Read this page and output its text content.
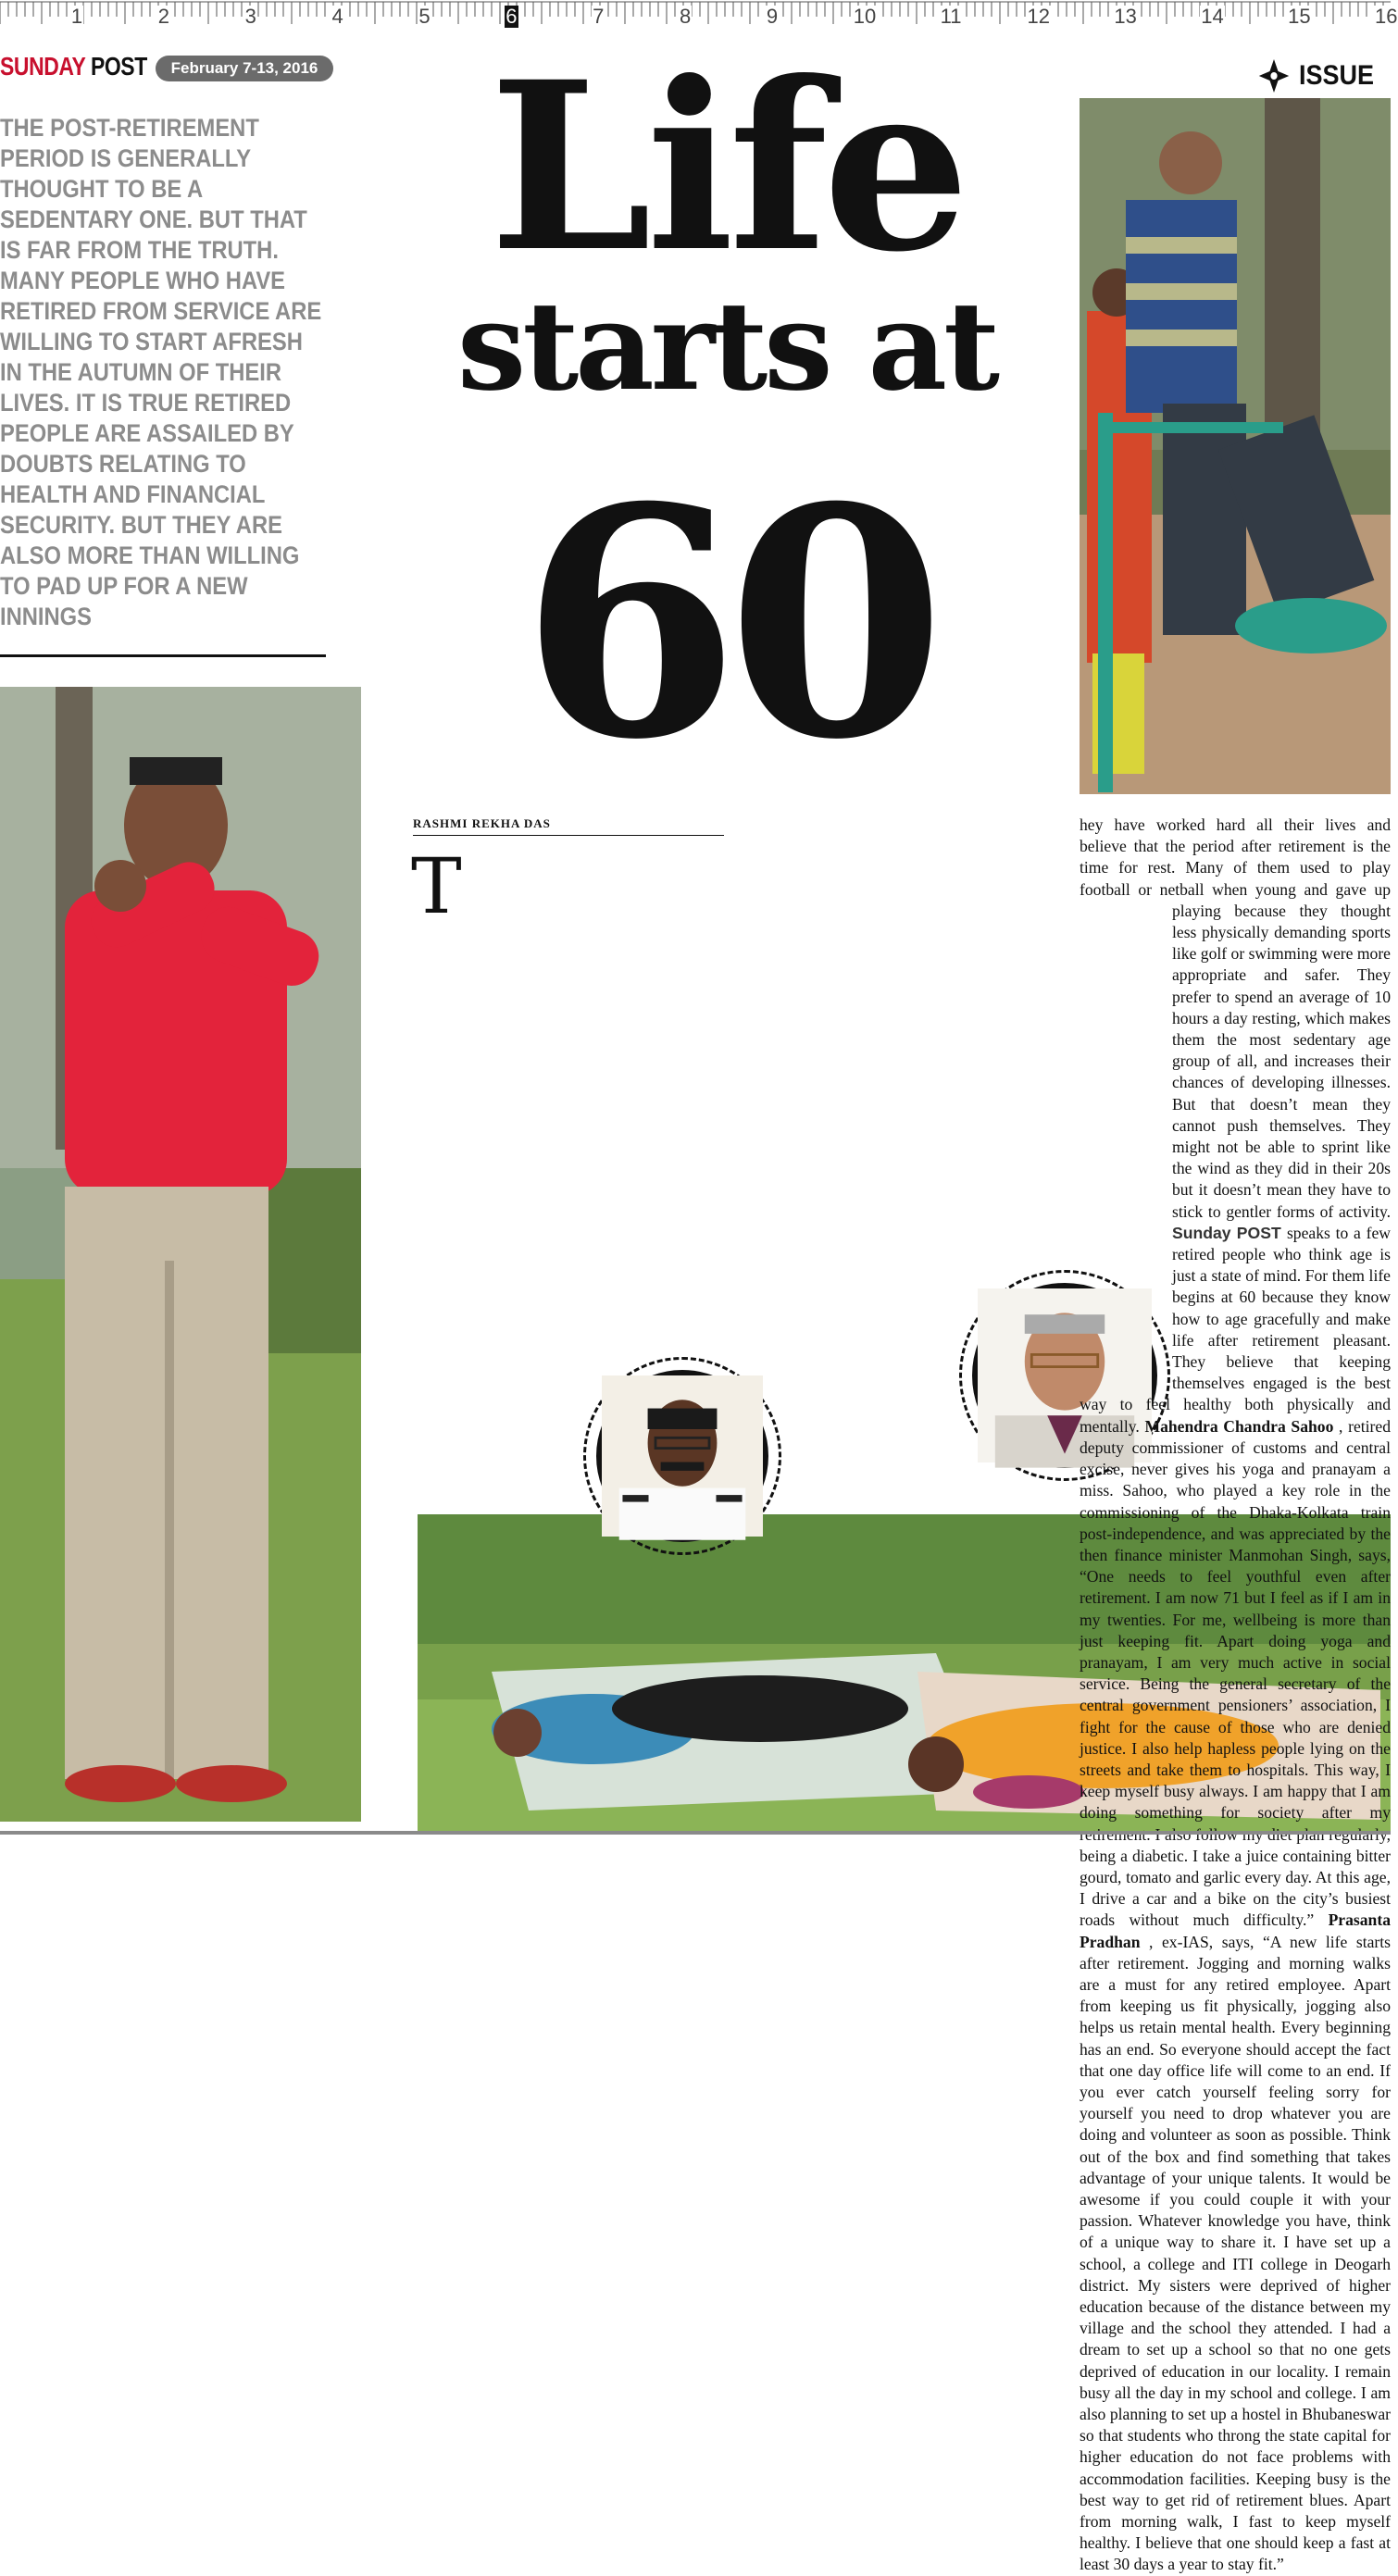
1	2	3	4	5	6	7	8	9	10	11	12	13	14	15	16
SUNDAY POST	February 7-13, 2016	ISSUE
THE POST-RETIREMENT PERIOD IS GENERALLY THOUGHT TO BE A SEDENTARY ONE. BUT THAT IS FAR FROM THE TRUTH. MANY PEOPLE WHO HAVE RETIRED FROM SERVICE ARE WILLING TO START AFRESH IN THE AUTUMN OF THEIR LIVES. IT IS TRUE RETIRED PEOPLE ARE ASSAILED BY DOUBTS RELATING TO HEALTH AND FINANCIAL SECURITY. BUT THEY ARE ALSO MORE THAN WILLING TO PAD UP FOR A NEW INNINGS
Life
starts at
60
RASHMI REKHA DAS
T

hey have worked hard all their lives and believe that the period after retirement is the time for rest. Many of them used to play football or netball when young and gave up playing because they thought less physically demanding sports like golf or swimming were more appropriate and safer. They prefer to spend an average of 10 hours a day resting, which makes them the most sedentary age group of all, and increases their chances of developing illnesses. But that doesn’t mean they cannot push themselves. They might not be able to sprint like the wind as they did in their 20s but it doesn’t mean they have to stick to gentler forms of activity. Sunday POST speaks to a few retired people who think age is just a state of mind. For them life begins at 60 because they know how to age gracefully and make life after retirement pleasant. They believe that keeping themselves engaged is the best way to feel healthy both physically and mentally. Mahendra Chandra Sahoo , retired deputy commissioner of customs and central excise, never gives his yoga and pranayam a miss. Sahoo, who played a key role in the commissioning of the Dhaka-Kolkata train post-independence, and was appreciated by the then finance minister Manmohan Singh, says, “One needs to feel youthful even after retirement. I am now 71 but I feel as if I am in my twenties. For me, wellbeing is more than just keeping fit. Apart doing yoga and pranayam, I am very much active in social service. Being the general secretary of the central government pensioners’ association, I fight for the cause of those who are denied justice. I also help hapless people lying on the streets and take them to hospitals. This way, I keep myself busy always. I am happy that I am doing something for society after my being a diabetic. I take a juice containing bitter gourd, tomato and garlic every day. At this age, I drive a car and a bike on the city’s busiest roads without much difficulty.” Prasanta Pradhan , ex-IAS, says, “A new life starts after retirement. Jogging and morning walks are a must for any retired employee. Apart from keeping us fit physically, jogging also helps us retain mental health. Every beginning has an end. So everyone should accept the fact that one day office life will come to an end. If you ever catch yourself feeling sorry for yourself you need to drop whatever you are doing and volunteer as soon as possible. Think out of the box and find something that takes advantage of your unique talents. It would be awesome if you could couple it with your passion. Whatever knowledge you have, think of a unique way to share it. I have set up a school, a college and ITI college in Deogarh district. My sisters were deprived of higher education because of the distance between my village and the school they attended. I had a dream to set up a school so that no one gets deprived of education in our locality. I remain busy all the day in my school and college. I am also planning to set up a hostel in Bhubaneswar so that students who throng the state capital for higher education do not face problems with accommodation facilities. Keeping busy is the best way to get rid of retirement blues. Apart from morning walk, I fast to keep myself healthy. I believe that one should keep a fast at least 30 days a year to stay fit.”
